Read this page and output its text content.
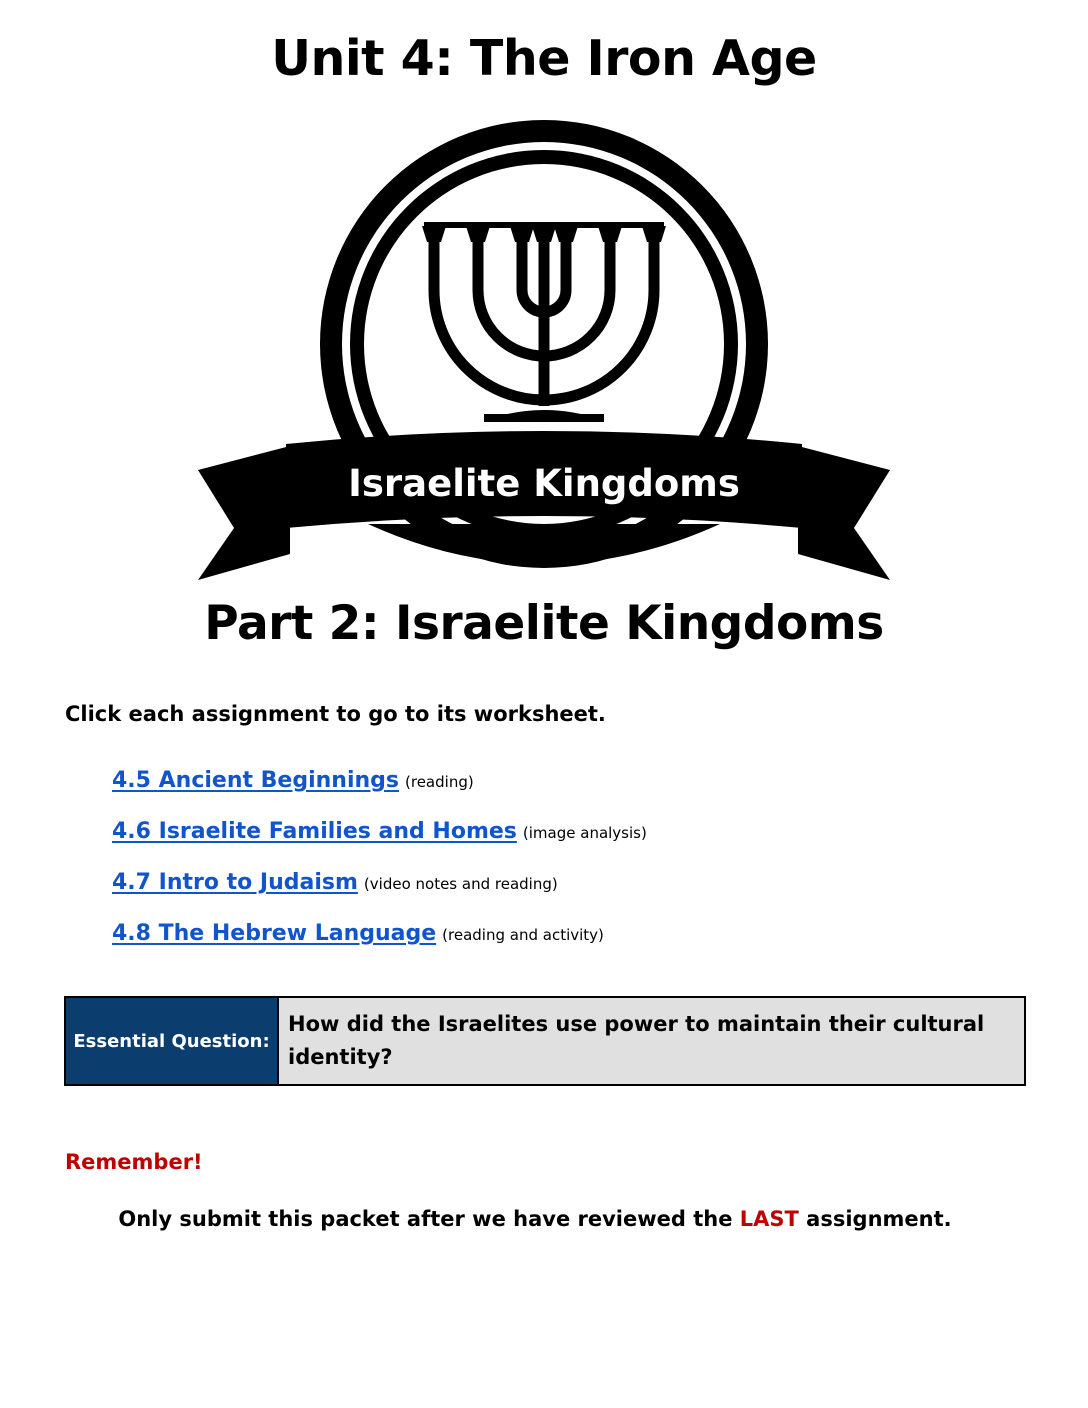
Unit 4: The Iron Age
Israelite Kingdoms
Part 2: Israelite Kingdoms

Click each assignment to go to its worksheet.

4.5 Ancient Beginnings (reading)
4.6 Israelite Families and Homes (image analysis)
4.7 Intro to Judaism (video notes and reading)
4.8 The Hebrew Language (reading and activity)
Essential Question:	How did the Israelites use power to maintain their cultural identity?

Remember!

Only submit this packet after we have reviewed the LAST assignment.
